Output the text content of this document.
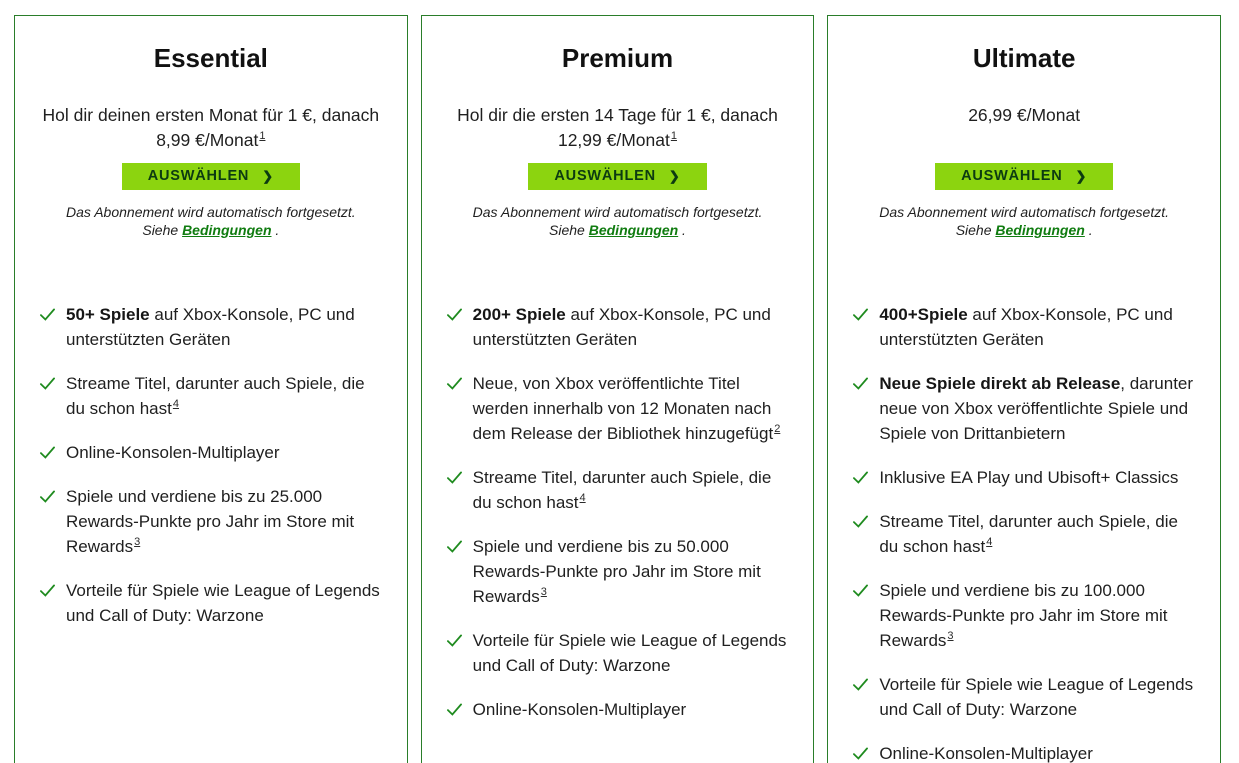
Essential

Hol dir deinen ersten Monat für 1 €, danach
8,99 €/Monat$^1$

AUSWÄHLEN ❯

Das Abonnement wird automatisch fortgesetzt.
Siehe Bedingungen .

50+ Spiele auf Xbox-Konsole, PC und unterstützten Geräten
Streame Titel, darunter auch Spiele, die du schon hast$^4$
Online-Konsolen-Multiplayer
Spiele und verdiene bis zu 25.000 Rewards-Punkte pro Jahr im Store mit Rewards$^3$
Vorteile für Spiele wie League of Legends und Call of Duty: Warzone
Premium

Hol dir die ersten 14 Tage für 1 €, danach
12,99 €/Monat$^1$

AUSWÄHLEN ❯

Das Abonnement wird automatisch fortgesetzt.
Siehe Bedingungen .

200+ Spiele auf Xbox-Konsole, PC und unterstützten Geräten
Neue, von Xbox veröffentlichte Titel werden innerhalb von 12 Monaten nach dem Release der Bibliothek hinzugefügt$^2$
Streame Titel, darunter auch Spiele, die du schon hast$^4$
Spiele und verdiene bis zu 50.000 Rewards-Punkte pro Jahr im Store mit Rewards$^3$
Vorteile für Spiele wie League of Legends und Call of Duty: Warzone
Online-Konsolen-Multiplayer
Ultimate

26,99 €/Monat

AUSWÄHLEN ❯

Das Abonnement wird automatisch fortgesetzt.
Siehe Bedingungen .

400+Spiele auf Xbox-Konsole, PC und unterstützten Geräten
Neue Spiele direkt ab Release, darunter neue von Xbox veröffentlichte Spiele und Spiele von Drittanbietern
Inklusive EA Play und Ubisoft+ Classics
Streame Titel, darunter auch Spiele, die du schon hast$^4$
Spiele und verdiene bis zu 100.000 Rewards-Punkte pro Jahr im Store mit Rewards$^3$
Vorteile für Spiele wie League of Legends und Call of Duty: Warzone
Online-Konsolen-Multiplayer
